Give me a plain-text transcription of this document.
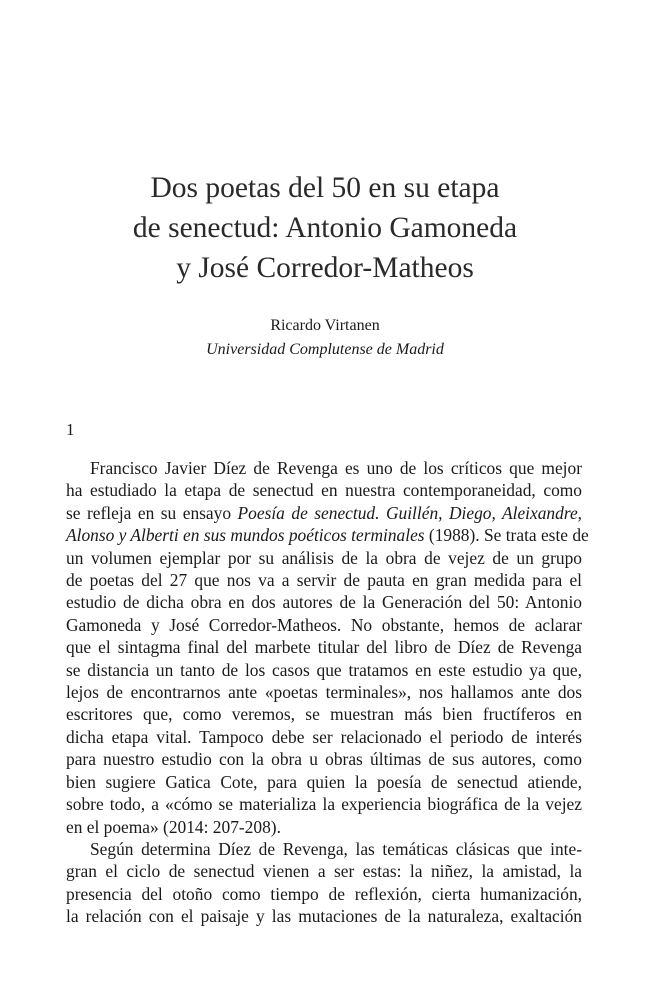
Dos poetas del 50 en su etapa
de senectud: Antonio Gamoneda
y José Corredor-Matheos
Ricardo Virtanen
Universidad Complutense de Madrid
1
Francisco Javier Díez de Revenga es uno de los críticos que mejor
ha estudiado la etapa de senectud en nuestra contemporaneidad, como
se refleja en su ensayo Poesía de senectud. Guillén, Diego, Aleixandre,
Alonso y Alberti en sus mundos poéticos terminales (1988). Se trata este de
un volumen ejemplar por su análisis de la obra de vejez de un grupo
de poetas del 27 que nos va a servir de pauta en gran medida para el
estudio de dicha obra en dos autores de la Generación del 50: Antonio
Gamoneda y José Corredor-Matheos. No obstante, hemos de aclarar
que el sintagma final del marbete titular del libro de Díez de Revenga
se distancia un tanto de los casos que tratamos en este estudio ya que,
lejos de encontrarnos ante «poetas terminales», nos hallamos ante dos
escritores que, como veremos, se muestran más bien fructíferos en
dicha etapa vital. Tampoco debe ser relacionado el periodo de interés
para nuestro estudio con la obra u obras últimas de sus autores, como
bien sugiere Gatica Cote, para quien la poesía de senectud atiende,
sobre todo, a «cómo se materializa la experiencia biográfica de la vejez
en el poema» (2014: 207-208).
Según determina Díez de Revenga, las temáticas clásicas que inte-
gran el ciclo de senectud vienen a ser estas: la niñez, la amistad, la
presencia del otoño como tiempo de reflexión, cierta humanización,
la relación con el paisaje y las mutaciones de la naturaleza, exaltación
